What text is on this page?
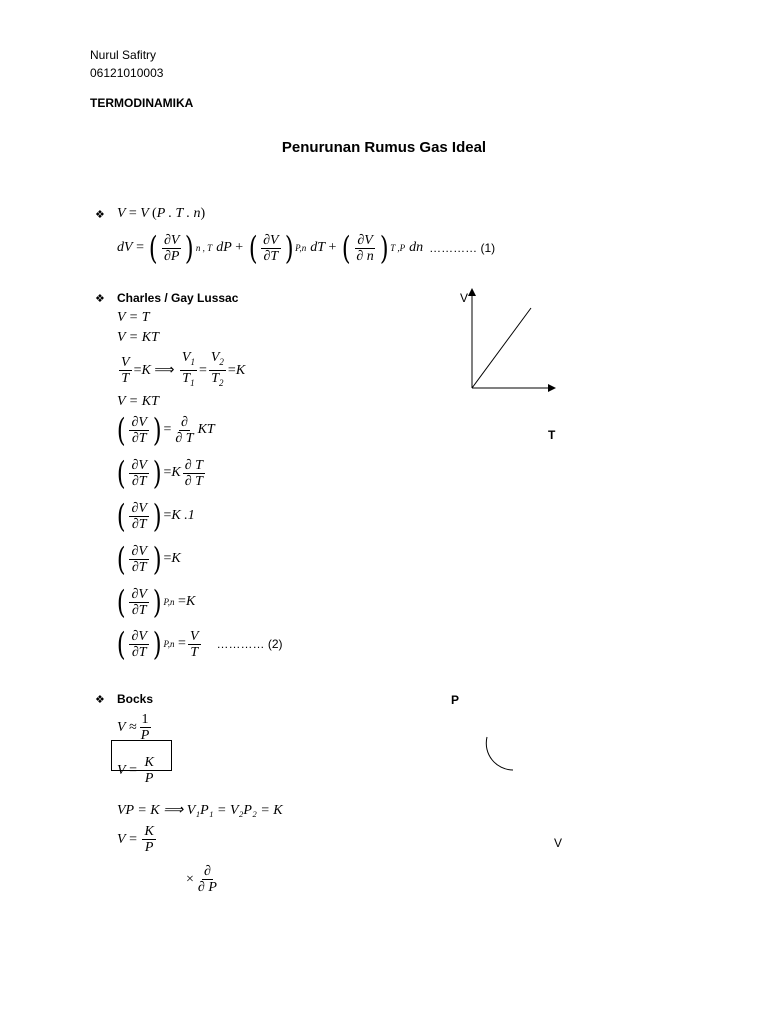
Nurul Safitry
06121010003
TERMODINAMIKA
Penurunan Rumus Gas Ideal
❖ V = V (P . T . n)
dV = ( $\frac{\partial V}{\partial P}$ ) n , T dP + ( $\frac{\partial V}{\partial T}$ ) P,n dT + ( $\frac{\partial V}{\partial n}$ ) T ,P dn ………… (1)
❖ Charles / Gay Lussac
V = T
V = KT
$\frac{V}{T} = K$ ⟹ $\frac{V_1}{T_1} = \frac{V_2}{T_2} = K$
V = KT
( $\frac{\partial V}{\partial T}$ ) = $\frac{\partial}{\partial T}$ KT
( $\frac{\partial V}{\partial T}$ ) = K $\frac{\partial T}{\partial T}$
( $\frac{\partial V}{\partial T}$ ) = K .1
( $\frac{\partial V}{\partial T}$ ) = K
( $\frac{\partial V}{\partial T}$ ) P,n = K
( $\frac{\partial V}{\partial T}$ ) $P,n = \frac{V}{T}$ ………… (2)
V
T
❖ Bocks
V
≈ $\frac{1}{P}$
$V = \frac{K}{P}$
VP = K ⟹ V₁P₁ = V₂P₂ = K
$V = \frac{K}{P}$
× $\frac{\partial}{\partial P}$
P
V
